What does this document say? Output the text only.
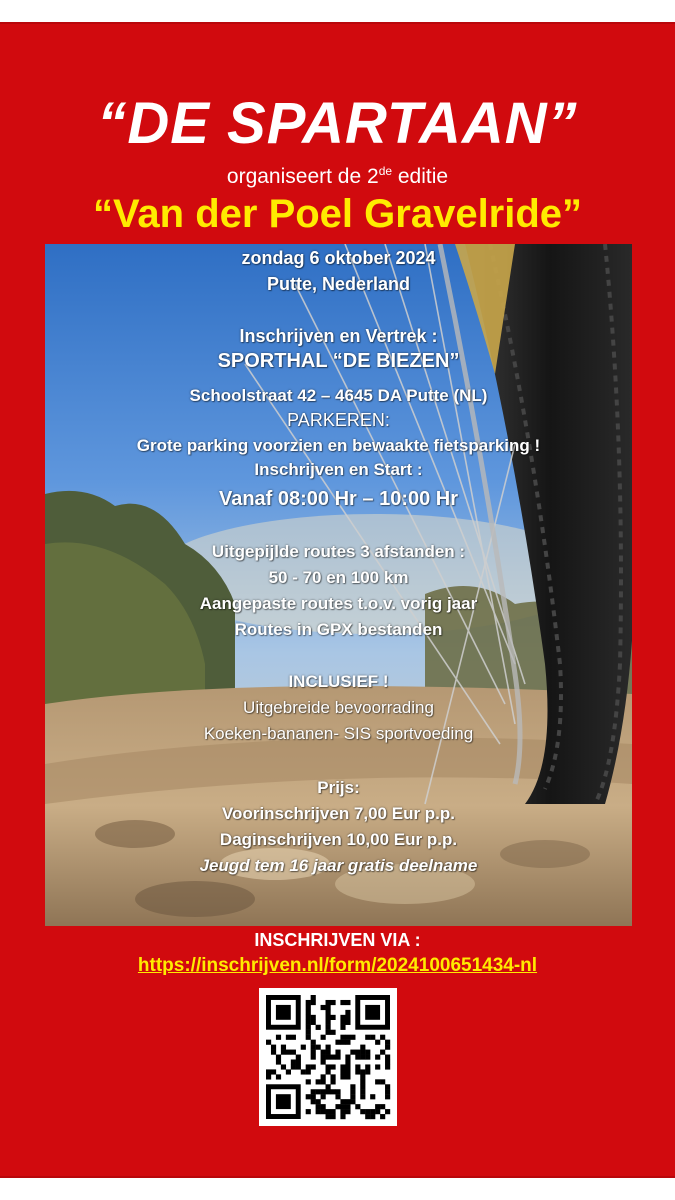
“DE SPARTAAN”
organiseert de 2de editie
“Van der Poel Gravelride”
zondag 6 oktober 2024
Putte, Nederland
Inschrijven en Vertrek :
SPORTHAL “DE BIEZEN”
Schoolstraat 42 – 4645 DA Putte (NL)
PARKEREN:
Grote parking voorzien en bewaakte fietsparking !
Inschrijven en Start :
Vanaf 08:00 Hr – 10:00 Hr
Uitgepijlde routes 3 afstanden :
50 - 70 en 100 km
Aangepaste routes t.o.v. vorig jaar
Routes in GPX bestanden
INCLUSIEF !
Uitgebreide bevoorrading
Koeken-bananen- SIS sportvoeding
Prijs:
Voorinschrijven 7,00 Eur p.p.
Daginschrijven 10,00 Eur p.p.
Jeugd tem 16 jaar gratis deelname
INSCHRIJVEN VIA :
https://inschrijven.nl/form/2024100651434-nl
